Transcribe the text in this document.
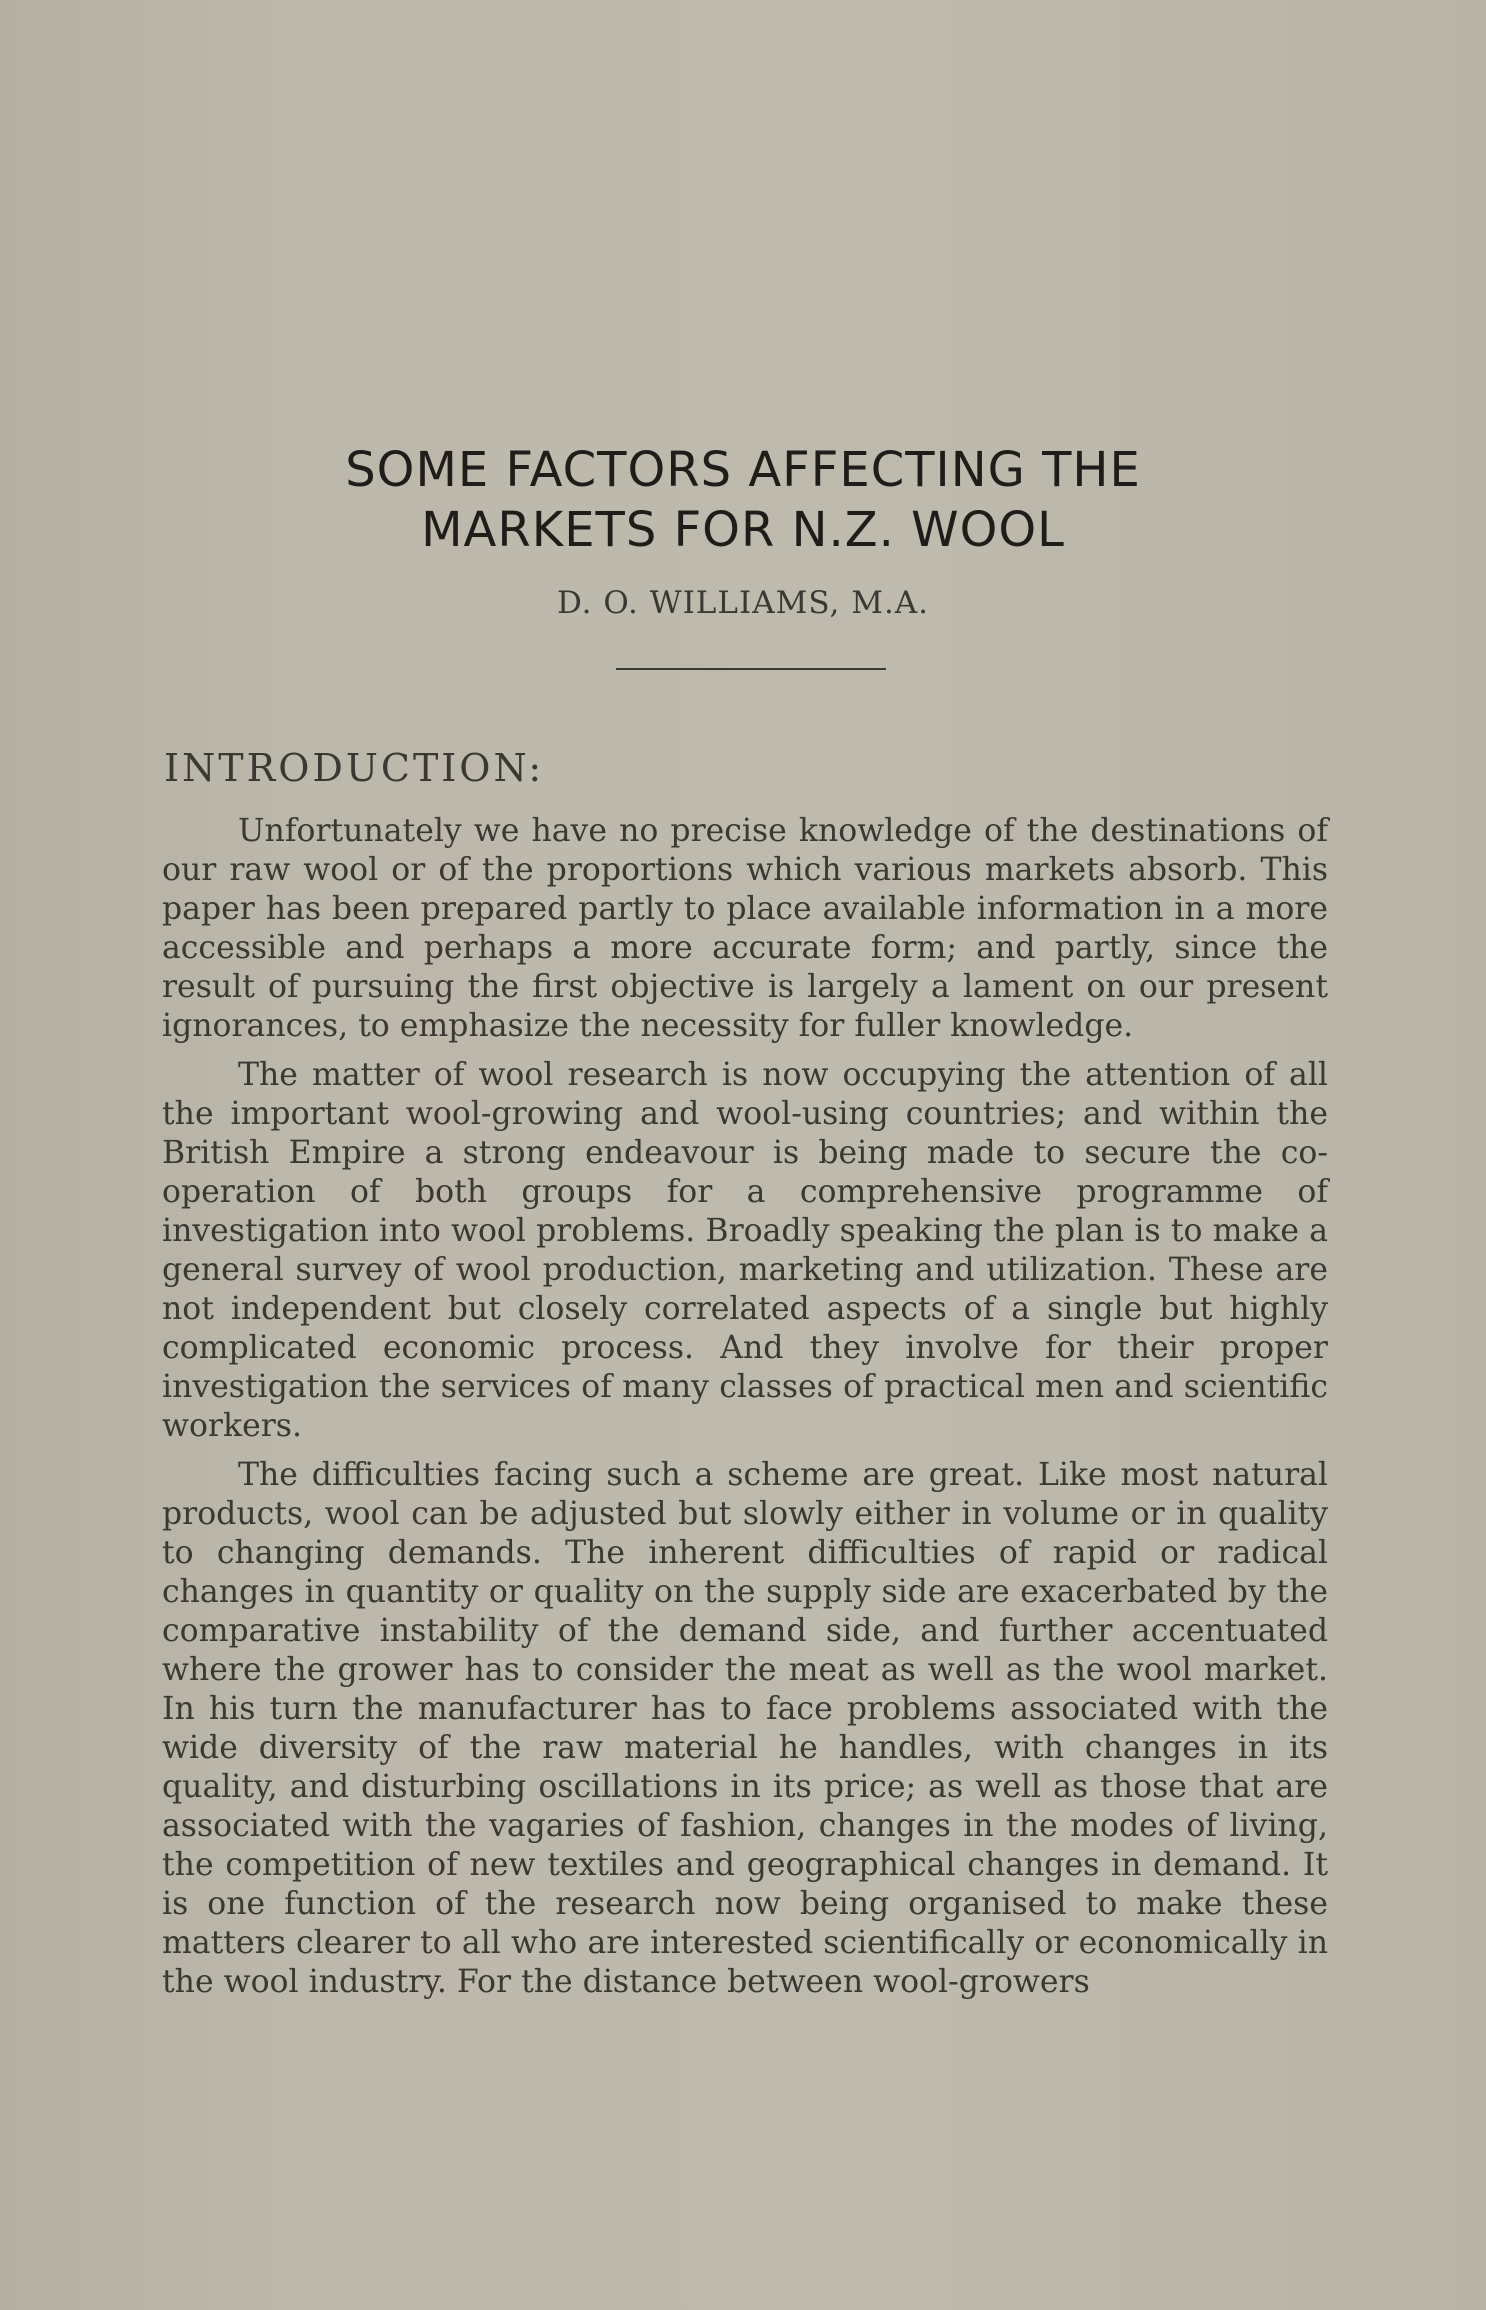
SOME FACTORS AFFECTING THE
MARKETS FOR N.Z. WOOL
D. O. WILLIAMS, M.A.
INTRODUCTION:

Unfortunately we have no precise knowledge of the destinations of our raw wool or of the proportions which various markets absorb. This paper has been prepared partly to place available information in a more accessible and perhaps a more accurate form; and partly, since the result of pursuing the first objective is largely a lament on our present ignorances, to emphasize the necessity for fuller knowledge.

The matter of wool research is now occupying the attention of all the important wool-growing and wool-using countries; and within the British Empire a strong endeavour is being made to secure the co-operation of both groups for a comprehensive programme of investigation into wool problems. Broadly speaking the plan is to make a general survey of wool production, marketing and utilization. These are not independent but closely correlated aspects of a single but highly complicated economic process. And they involve for their proper investigation the services of many classes of practical men and scientific workers.

The difficulties facing such a scheme are great. Like most natural products, wool can be adjusted but slowly either in volume or in quality to changing demands. The inherent difficulties of rapid or radical changes in quantity or quality on the supply side are exacerbated by the comparative instability of the demand side, and further accentuated where the grower has to consider the meat as well as the wool market. In his turn the manufacturer has to face problems associated with the wide diversity of the raw material he handles, with changes in its quality, and disturbing oscillations in its price; as well as those that are associated with the vagaries of fashion, changes in the modes of living, the competition of new textiles and geographical changes in demand. It is one function of the research now being organised to make these matters clearer to all who are interested scientifically or economically in the wool industry. For the distance between wool-growers
